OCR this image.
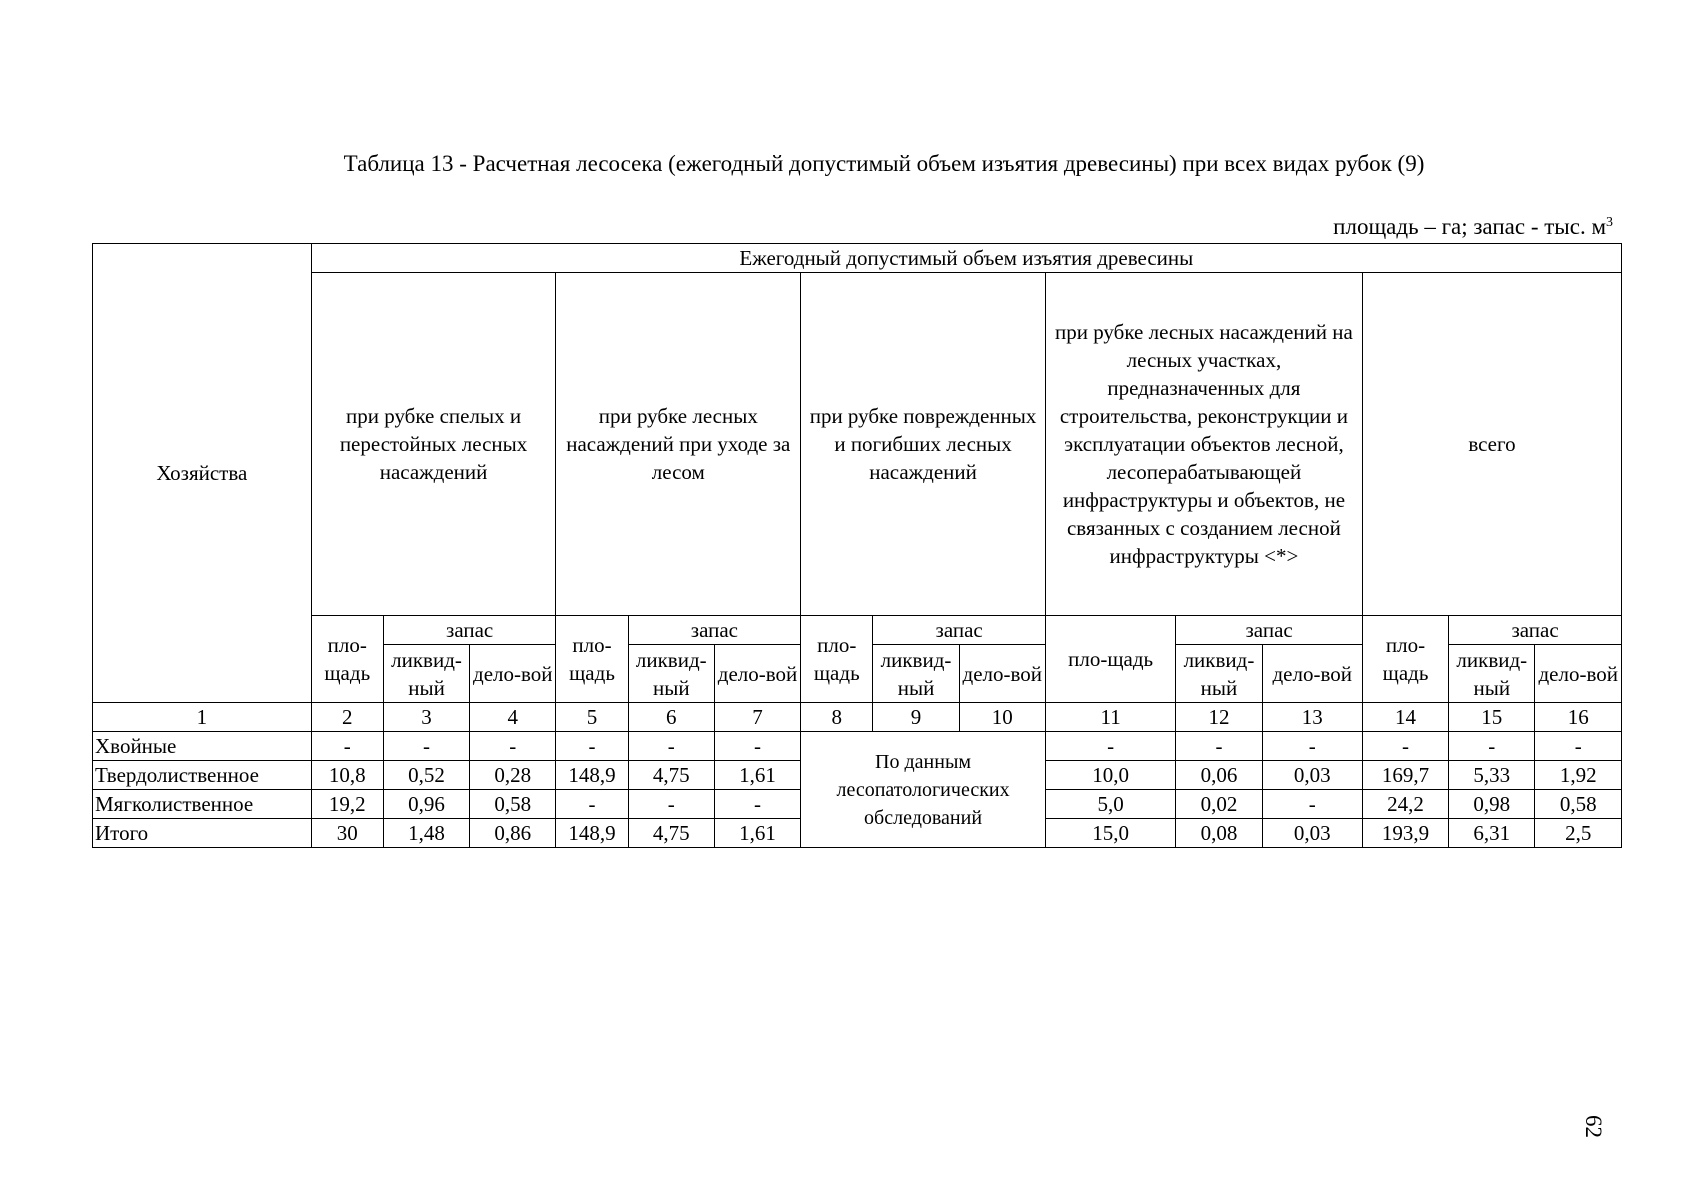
Таблица 13 - Расчетная лесосека (ежегодный допустимый объем изъятия древесины) при всех видах рубок (9)
площадь – га; запас - тыс. $м^3$
Хозяйства	Ежегодный допустимый объем изъятия древесины														
	при рубке спелых и перестойных лесных насаждений			при рубке лесных насаждений при уходе за лесом			при рубке поврежденных и погибших лесных насаждений			при рубке лесных насаждений на лесных участках, предназначенных для строительства, реконструкции и эксплуатации объектов лесной, лесоперабатывающей инфраструктуры и объектов, не связанных с созданием лесной инфраструктуры <*>			всего		
	пло-щадь	запас		пло-щадь	запас		пло-щадь	запас		пло-щадь	запас		пло-щадь	запас	
		ликвид-ный	дело-вой		ликвид-ный	дело-вой		ликвид-ный	дело-вой		ликвид-ный	дело-вой		ликвид-ный	дело-вой
1	2	3	4	5	6	7	8	9	10	11	12	13	14	15	16
Хвойные	-	-	-	-	-	-	По данным лесопатологических обследований			-	-	-	-	-	-
Твердолиственное	10,8	0,52	0,28	148,9	4,75	1,61				10,0	0,06	0,03	169,7	5,33	1,92
Мягколиственное	19,2	0,96	0,58	-	-	-				5,0	0,02	-	24,2	0,98	0,58
Итого	30	1,48	0,86	148,9	4,75	1,61				15,0	0,08	0,03	193,9	6,31	2,5
62
